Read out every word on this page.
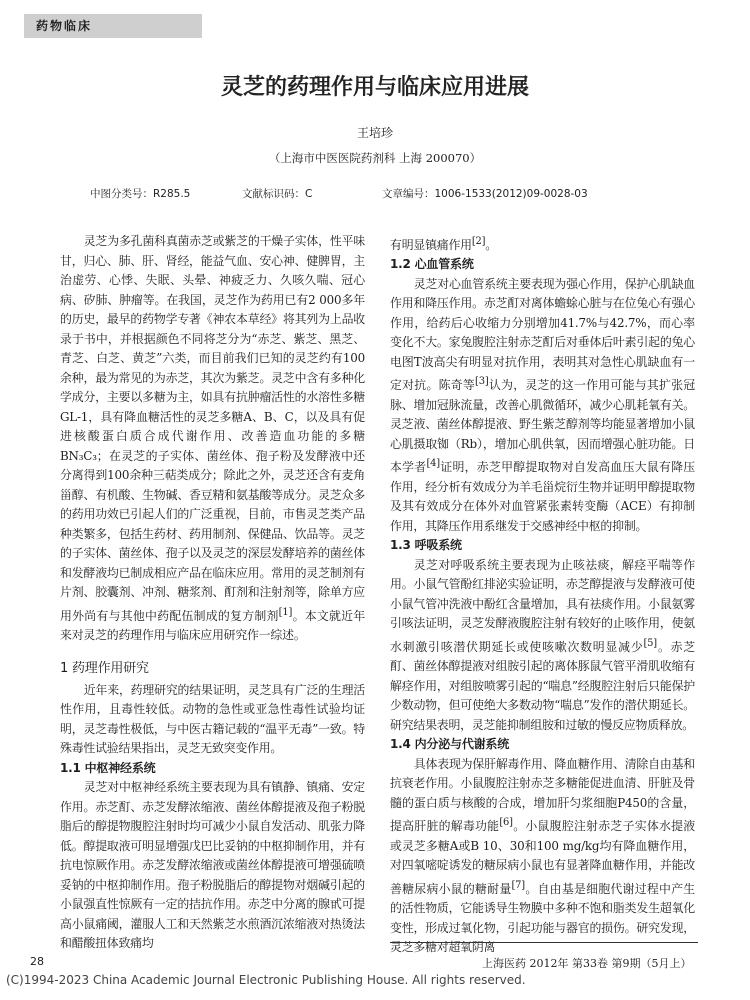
药物临床
灵芝的药理作用与临床应用进展
王培珍
（上海市中医医院药剂科 上海 200070）
中图分类号：R285.5	文献标识码：C	文章编号：1006-1533(2012)09-0028-03

灵芝为多孔菌科真菌赤芝或紫芝的干燥子实体，性平味甘，归心、肺、肝、肾经，能益气血、安心神、健脾胃，主治虚劳、心悸、失眠、头晕、神疲乏力、久咳久喘、冠心病、矽肺、肿瘤等。在我国，灵芝作为药用已有2 000多年的历史，最早的药物学专著《神农本草经》将其列为上品收录于书中，并根据颜色不同将芝分为“赤芝、紫芝、黑芝、青芝、白芝、黄芝”六类，而目前我们已知的灵芝约有100余种，最为常见的为赤芝，其次为紫芝。灵芝中含有多种化学成分，主要以多糖为主，如具有抗肿瘤活性的水溶性多糖GL-1，具有降血糖活性的灵芝多糖A、B、C，以及具有促进核酸蛋白质合成代谢作用、改善造血功能的多糖BN₃C₃；在灵芝的子实体、菌丝体、孢子粉及发酵液中还分离得到100余种三萜类成分；除此之外，灵芝还含有麦角甾醇、有机酸、生物碱、香豆精和氨基酸等成分。灵芝众多的药用功效已引起人们的广泛重视，目前，市售灵芝类产品种类繁多，包括生药材、药用制剂、保健品、饮品等。灵芝的子实体、菌丝体、孢子以及灵芝的深层发酵培养的菌丝体和发酵液均已制成相应产品在临床应用。常用的灵芝制剂有片剂、胶囊剂、冲剂、糖浆剂、酊剂和注射剂等，除单方应用外尚有与其他中药配伍制成的复方制剂[1]。本文就近年来对灵芝的药理作用与临床应用研究作一综述。

1 药理作用研究

近年来，药理研究的结果证明，灵芝具有广泛的生理活性作用，且毒性较低。动物的急性或亚急性毒性试验均证明，灵芝毒性极低，与中医古籍记载的“温平无毒”一致。特殊毒性试验结果指出，灵芝无致突变作用。

1.1 中枢神经系统

灵芝对中枢神经系统主要表现为具有镇静、镇痛、安定作用。赤芝酊、赤芝发酵浓缩液、菌丝体醇提液及孢子粉脱脂后的醇提物腹腔注射时均可减少小鼠自发活动、肌张力降低。醇提取液可明显增强戊巴比妥钠的中枢抑制作用，并有抗电惊厥作用。赤芝发酵浓缩液或菌丝体醇提液可增强硫喷妥钠的中枢抑制作用。孢子粉脱脂后的醇提物对烟碱引起的小鼠强直性惊厥有一定的拮抗作用。赤芝中分离的腺甙可提高小鼠痛阈，灌服人工和天然紫芝水煎酒沉浓缩液对热烫法和醋酸扭体致痛均

有明显镇痛作用[2]。

1.2 心血管系统

灵芝对心血管系统主要表现为强心作用，保护心肌缺血作用和降压作用。赤芝酊对离体蟾蜍心脏与在位兔心有强心作用，给药后心收缩力分别增加41.7%与42.7%，而心率变化不大。家兔腹腔注射赤芝酊后对垂体后叶素引起的兔心电图T波高尖有明显对抗作用，表明其对急性心肌缺血有一定对抗。陈奇等[3]认为，灵芝的这一作用可能与其扩张冠脉、增加冠脉流量，改善心肌微循环，减少心肌耗氧有关。灵芝液、菌丝体醇提液、野生紫芝醇剂等均能显著增加小鼠心肌摄取铷（Rb），增加心肌供氧，因而增强心脏功能。日本学者[4]证明，赤芝甲醇提取物对自发高血压大鼠有降压作用，经分析有效成分为羊毛甾烷衍生物并证明甲醇提取物及其有效成分在体外对血管紧张素转变酶（ACE）有抑制作用，其降压作用系继发于交感神经中枢的抑制。

1.3 呼吸系统

灵芝对呼吸系统主要表现为止咳祛痰，解痉平喘等作用。小鼠气管酚红排泌实验证明，赤芝醇提液与发酵液可使小鼠气管冲洗液中酚红含量增加，具有祛痰作用。小鼠氨雾引咳法证明，灵芝发酵液腹腔注射有较好的止咳作用，使氨水刺激引咳潜伏期延长或使咳嗽次数明显减少[5]。赤芝酊、菌丝体醇提液对组胺引起的离体豚鼠气管平滑肌收缩有解痉作用，对组胺喷雾引起的“喘息”经腹腔注射后只能保护少数动物，但可使绝大多数动物“喘息”发作的潜伏期延长。研究结果表明，灵芝能抑制组胺和过敏的慢反应物质释放。

1.4 内分泌与代谢系统

具体表现为保肝解毒作用、降血糖作用、清除自由基和抗衰老作用。小鼠腹腔注射赤芝多糖能促进血清、肝脏及骨髓的蛋白质与核酸的合成，增加肝匀浆细胞P450的含量，提高肝脏的解毒功能[6]。小鼠腹腔注射赤芝子实体水提液或灵芝多糖A或B 10、30和100 mg/kg均有降血糖作用，对四氧嘧啶诱发的糖尿病小鼠也有显著降血糖作用，并能改善糖尿病小鼠的糖耐量[7]。自由基是细胞代谢过程中产生的活性物质，它能诱导生物膜中多种不饱和脂类发生超氧化变性，形成过氧化物，引起功能与器官的损伤。研究发现，灵芝多糖对超氧阴离

28	上海医药 2012年 第33卷 第9期（5月上）
(C)1994-2023 China Academic Journal Electronic Publishing House. All rights reserved.
